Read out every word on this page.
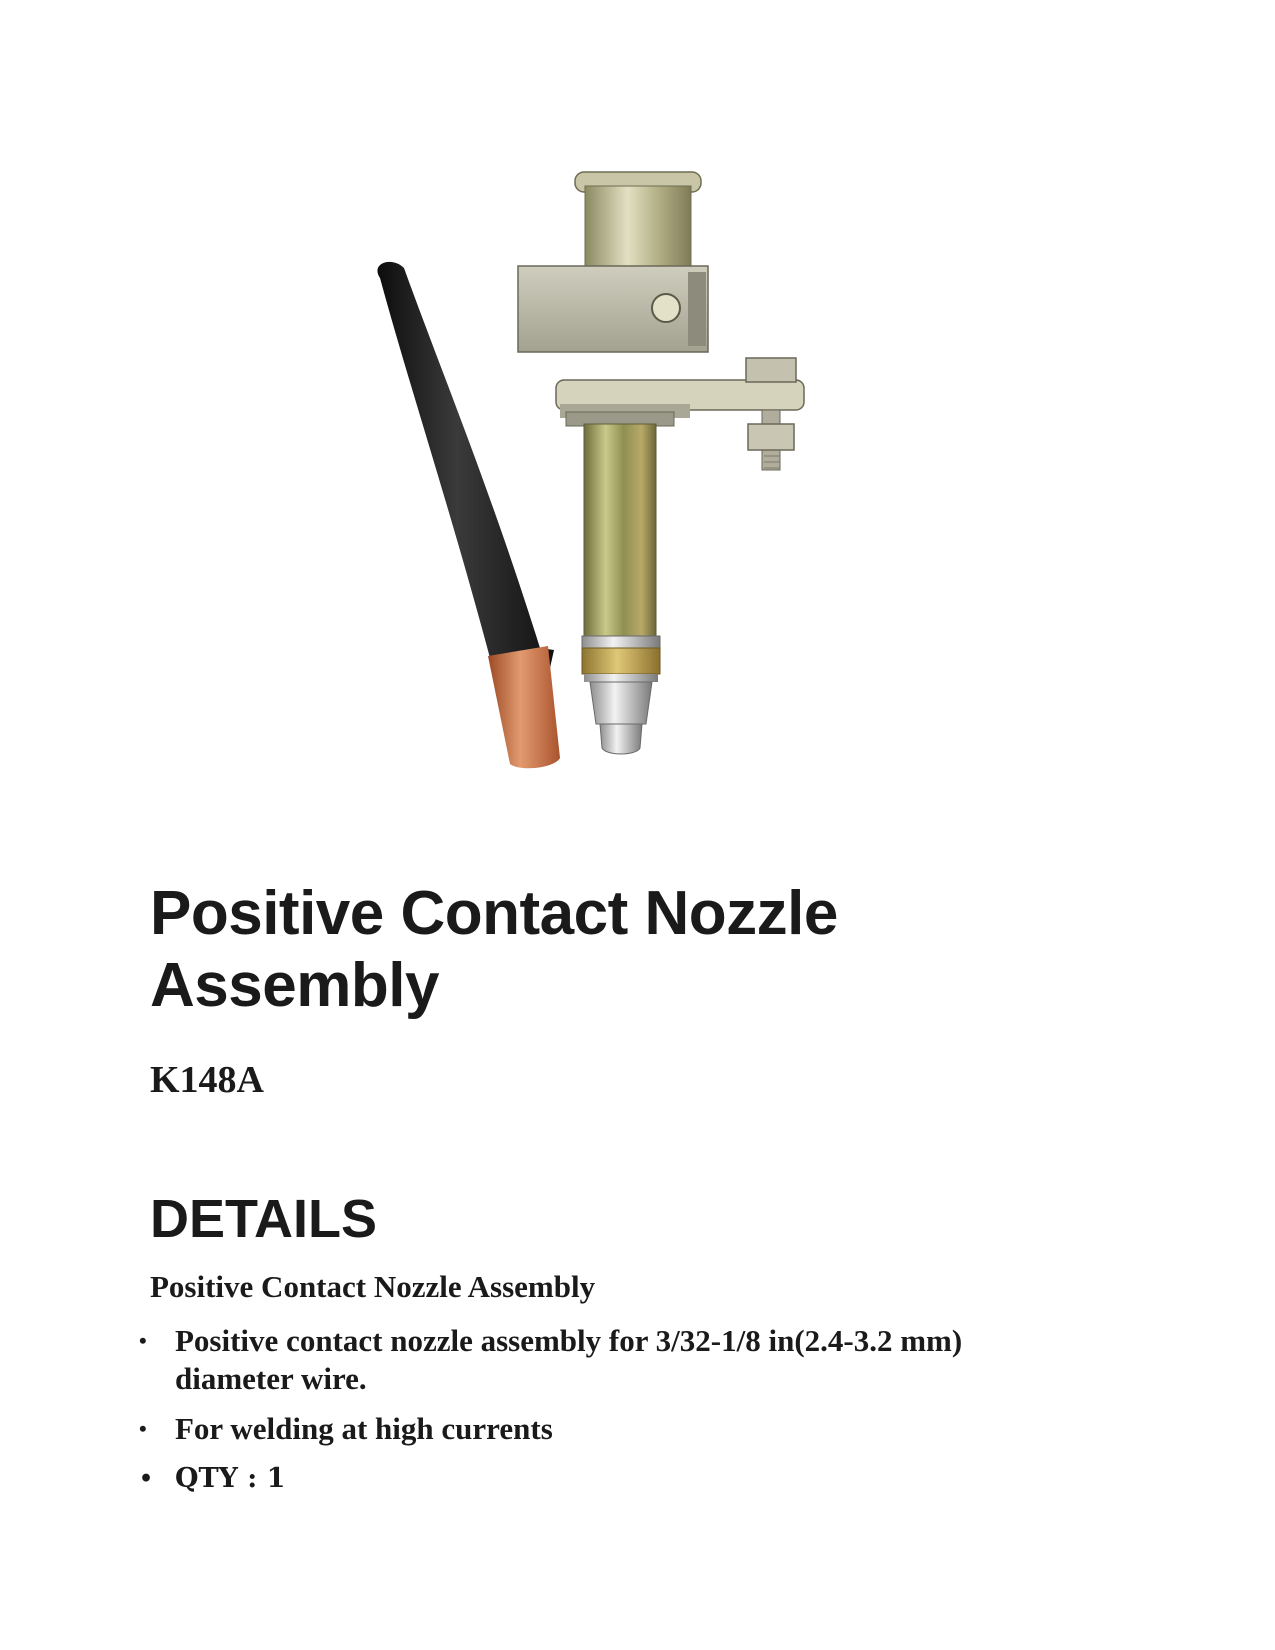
Positive Contact Nozzle Assembly
K148A
DETAILS

Positive Contact Nozzle Assembly

• Positive contact nozzle assembly for 3/32-1/8 in(2.4-3.2 mm) diameter wire.
• For welding at high currents
• QTY : 1
